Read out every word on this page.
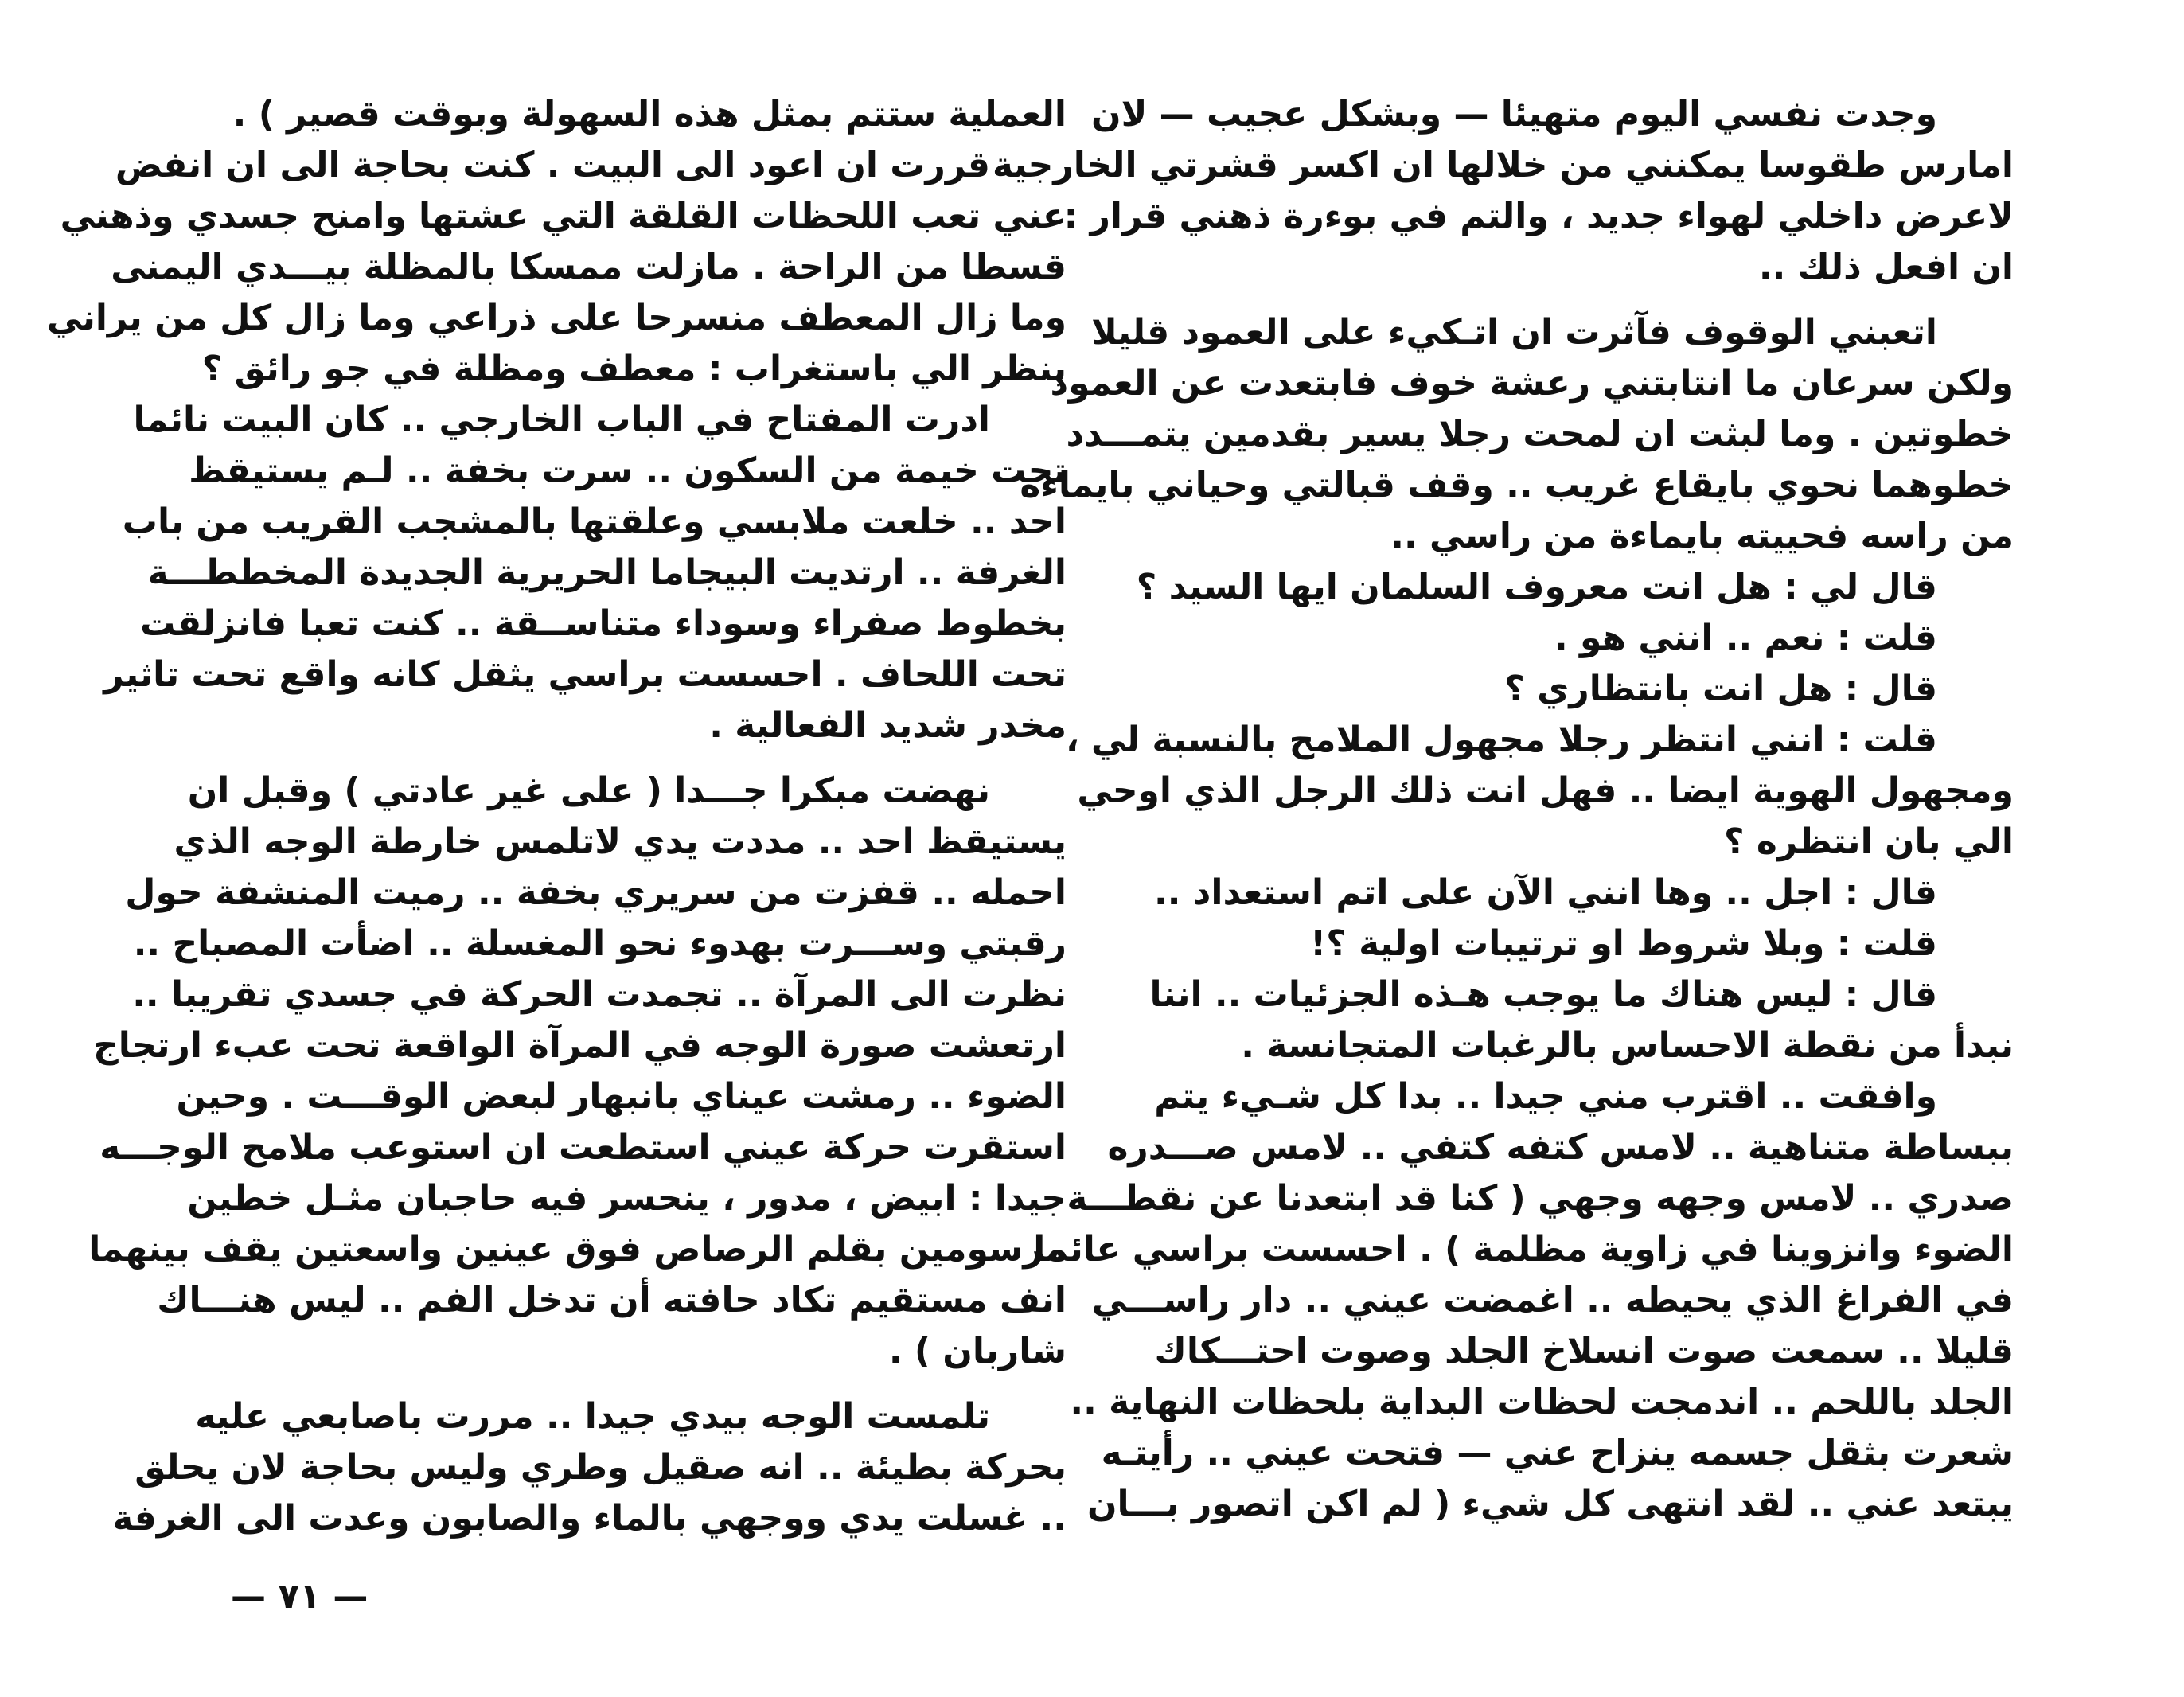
وجدت نفسي اليوم متهيئا — وبشكل عجيب — لان
امارس طقوسا يمكنني من خلالها ان اكسر قشرتي الخارجية
لاعرض داخلي لهواء جديد ، والتم في بوءرة ذهني قرار :
ان افعل ذلك ..
اتعبني الوقوف فآثرت ان اتـكيء على العمود قليلا
ولكن سرعان ما انتابتني رعشة خوف فابتعدت عن العمود
خطوتين . وما لبثت ان لمحت رجلا يسير بقدمين يتمـــدد
خطوهما نحوي بايقاع غريب .. وقف قبالتي وحياني بايماءة
من راسه فحييته بايماءة من راسي ..
قال لي : هل انت معروف السلمان ايها السيد ؟
قلت : نعم .. انني هو .
قال : هل انت بانتظاري ؟
قلت : انني انتظر رجلا مجهول الملامح بالنسبة لي ،
ومجهول الهوية ايضا .. فهل انت ذلك الرجل الذي اوحي
الي بان انتظره ؟
قال : اجل .. وها انني الآن على اتم استعداد ..
قلت : وبلا شروط او ترتيبات اولية ؟!
قال : ليس هناك ما يوجب هـذه الجزئيات .. اننا
نبدأ من نقطة الاحساس بالرغبات المتجانسة .
وافقت .. اقترب مني جيدا .. بدا كل شـيء يتم
ببساطة متناهية .. لامس كتفه كتفي .. لامس صـــدره
صدري .. لامس وجهه وجهي ( كنا قد ابتعدنا عن نقطـــة
الضوء وانزوينا في زاوية مظلمة ) . احسست براسي عائما
في الفراغ الذي يحيطه .. اغمضت عيني .. دار راســـي
قليلا .. سمعت صوت انسلاخ الجلد وصوت احتـــكاك
الجلد باللحم .. اندمجت لحظات البداية بلحظات النهاية ..
شعرت بثقل جسمه ينزاح عني — فتحت عيني .. رأيتـه
يبتعد عني .. لقد انتهى كل شيء ( لم اكن اتصور بـــان
العملية ستتم بمثل هذه السهولة وبوقت قصير ) .
قررت ان اعود الى البيت . كنت بحاجة الى ان انفض
عني تعب اللحظات القلقة التي عشتها وامنح جسدي وذهني
قسطا من الراحة . مازلت ممسكا بالمظلة بيـــدي اليمنى
وما زال المعطف منسرحا على ذراعي وما زال كل من يراني
ينظر الي باستغراب : معطف ومظلة في جو رائق ؟
ادرت المفتاح في الباب الخارجي .. كان البيت نائما
تحت خيمة من السكون .. سرت بخفة .. لـم يستيقظ
احد .. خلعت ملابسي وعلقتها بالمشجب القريب من باب
الغرفة .. ارتديت البيجاما الحريرية الجديدة المخططـــة
بخطوط صفراء وسوداء متناســقة .. كنت تعبا فانزلقت
تحت اللحاف . احسست براسي يثقل كانه واقع تحت تاثير
مخدر شديد الفعالية .
نهضت مبكرا جـــدا ( على غير عادتي ) وقبل ان
يستيقظ احد .. مددت يدي لاتلمس خارطة الوجه الذي
احمله .. قفزت من سريري بخفة .. رميت المنشفة حول
رقبتي وســـرت بهدوء نحو المغسلة .. اضأت المصباح ..
نظرت الى المرآة .. تجمدت الحركة في جسدي تقريبا ..
ارتعشت صورة الوجه في المرآة الواقعة تحت عبء ارتجاج
الضوء .. رمشت عيناي بانبهار لبعض الوقـــت . وحين
استقرت حركة عيني استطعت ان استوعب ملامح الوجـــه
جيدا : ابيض ، مدور ، ينحسر فيه حاجبان مثـل خطين
مرسومين بقلم الرصاص فوق عينين واسعتين يقف بينهما
انف مستقيم تكاد حافته أن تدخل الفم .. ليس هنـــاك
شاربان ) .
تلمست الوجه بيدي جيدا .. مررت باصابعي عليه
بحركة بطيئة .. انه صقيل وطري وليس بحاجة لان يحلق
.. غسلت يدي ووجهي بالماء والصابون وعدت الى الغرفة
— ٧١ —
